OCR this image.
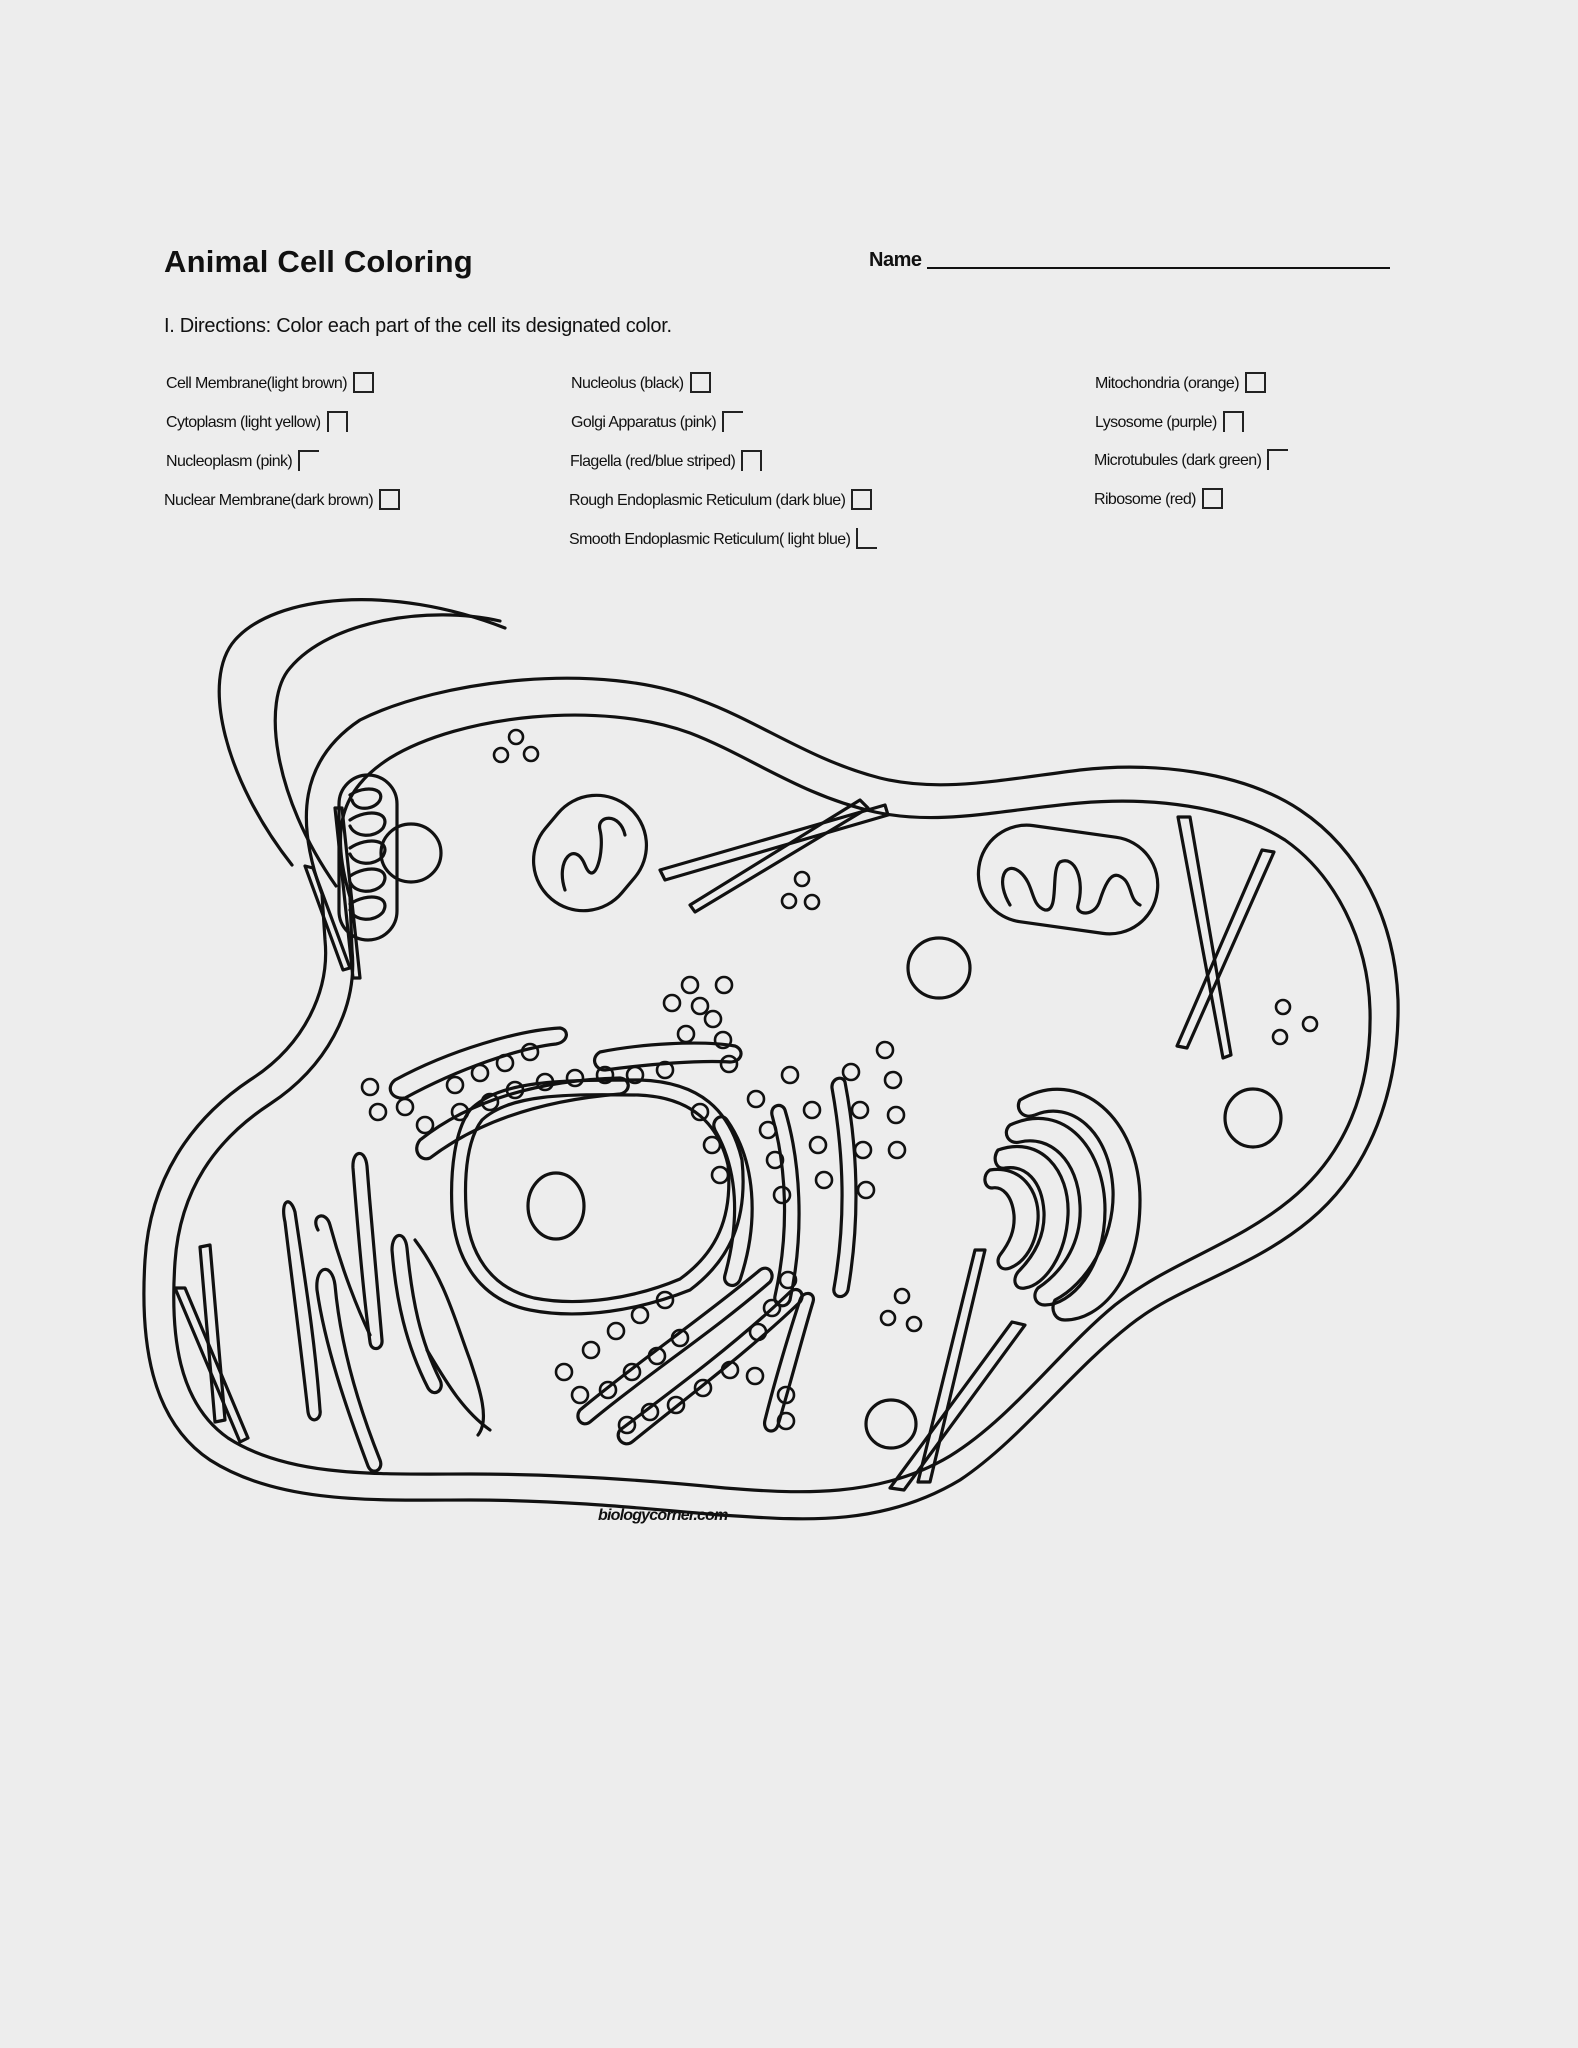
Animal Cell Coloring	Name
I. Directions: Color each part of the cell its designated color.
Cell Membrane(light brown)
Cytoplasm (light yellow)
Nucleoplasm (pink)
Nuclear Membrane(dark brown)
Nucleolus (black)
Golgi Apparatus (pink)
Flagella (red/blue striped)
Rough Endoplasmic Reticulum (dark blue)
Smooth Endoplasmic Reticulum( light blue)
Mitochondria (orange)
Lysosome (purple)
Microtubules (dark green)
Ribosome (red)
biologycorner.com
